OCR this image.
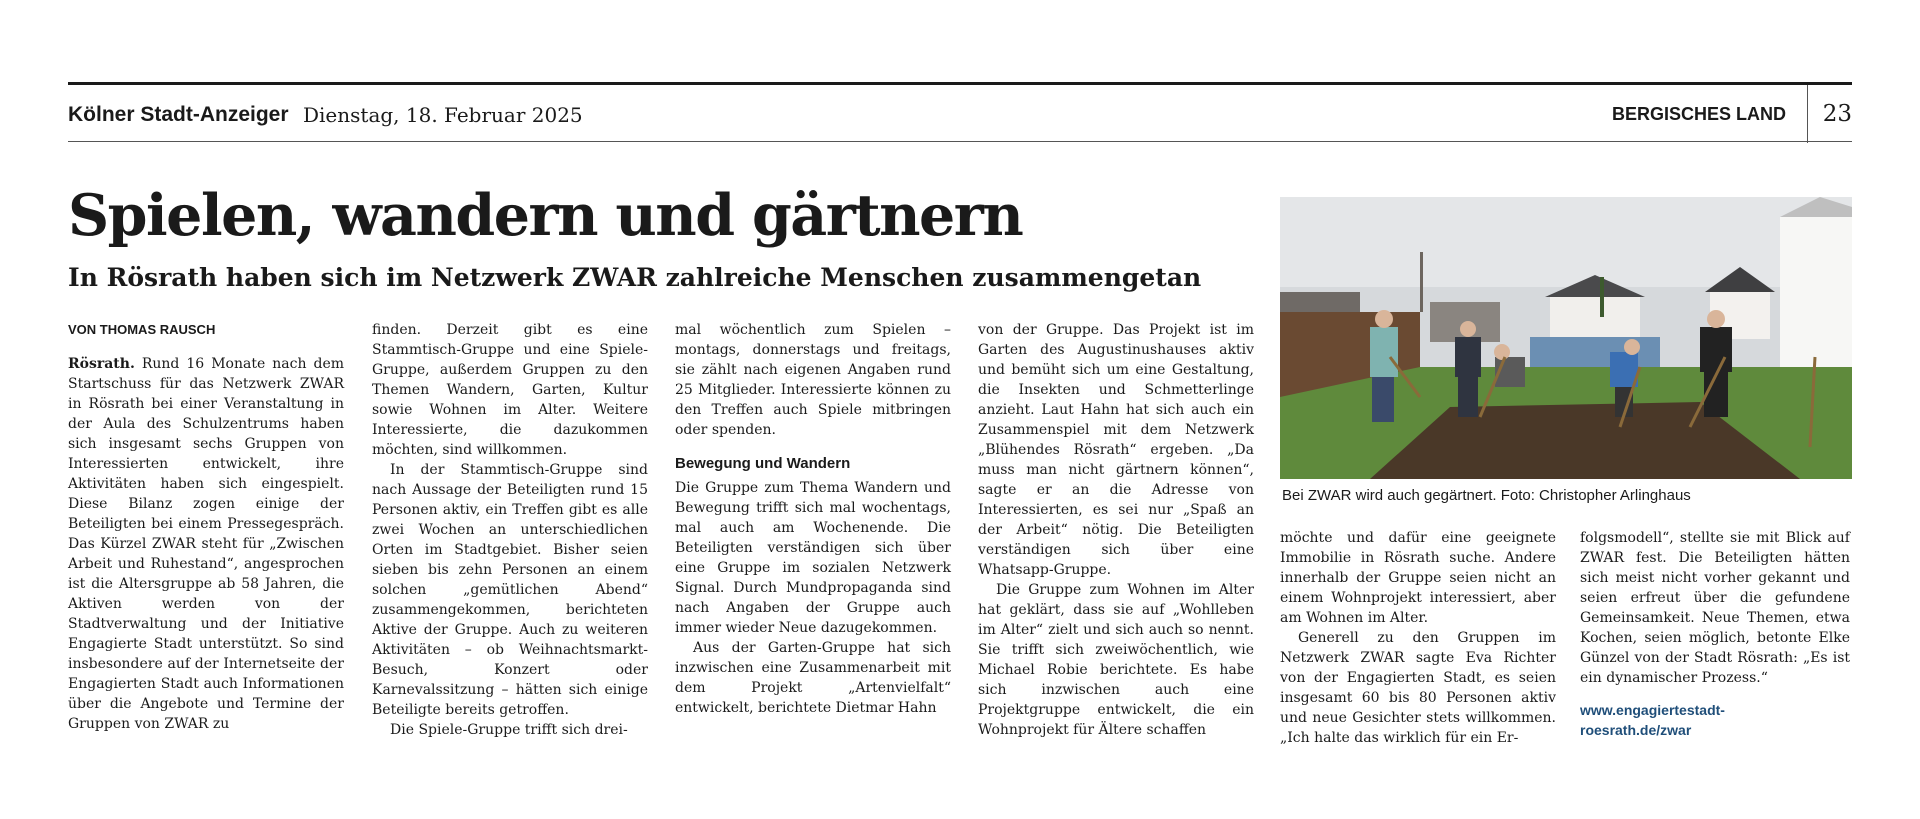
Kölner Stadt-Anzeiger Dienstag, 18. Februar 2025	BERGISCHES LAND 23
Spielen, wandern und gärtnern
In Rösrath haben sich im Netzwerk ZWAR zahlreiche Menschen zusammengetan
VON THOMAS RAUSCH

Rösrath. Rund 16 Monate nach dem Startschuss für das Netzwerk ZWAR in Rösrath bei einer Veranstaltung in der Aula des Schulzentrums haben sich insgesamt sechs Gruppen von Interessierten entwickelt, ihre Aktivitäten haben sich eingespielt. Diese Bilanz zogen einige der Beteiligten bei einem Pressegespräch. Das Kürzel ZWAR steht für „Zwischen Arbeit und Ruhestand“, angesprochen ist die Altersgruppe ab 58 Jahren, die Aktiven werden von der Stadtverwaltung und der Initiative Engagierte Stadt unterstützt. So sind insbesondere auf der Internetseite der Engagierten Stadt auch Informationen über die Angebote und Termine der Gruppen von ZWAR zu

finden. Derzeit gibt es eine Stammtisch-Gruppe und eine Spiele-Gruppe, außerdem Gruppen zu den Themen Wandern, Garten, Kultur sowie Wohnen im Alter. Weitere Interessierte, die dazukommen möchten, sind willkommen.

In der Stammtisch-Gruppe sind nach Aussage der Beteiligten rund 15 Personen aktiv, ein Treffen gibt es alle zwei Wochen an unterschiedlichen Orten im Stadtgebiet. Bisher seien sieben bis zehn Personen an einem solchen „gemütlichen Abend“ zusammengekommen, berichteten Aktive der Gruppe. Auch zu weiteren Aktivitäten – ob Weihnachtsmarkt-Besuch, Konzert oder Karnevalssitzung – hätten sich einige Beteiligte bereits getroffen.

Die Spiele-Gruppe trifft sich drei-

mal wöchentlich zum Spielen – montags, donnerstags und freitags, sie zählt nach eigenen Angaben rund 25 Mitglieder. Interessierte können zu den Treffen auch Spiele mitbringen oder spenden.

Bewegung und Wandern

Die Gruppe zum Thema Wandern und Bewegung trifft sich mal wochentags, mal auch am Wochenende. Die Beteiligten verständigen sich über eine Gruppe im sozialen Netzwerk Signal. Durch Mundpropaganda sind nach Angaben der Gruppe auch immer wieder Neue dazugekommen.

Aus der Garten-Gruppe hat sich inzwischen eine Zusammenarbeit mit dem Projekt „Artenvielfalt“ entwickelt, berichtete Dietmar Hahn

von der Gruppe. Das Projekt ist im Garten des Augustinushauses aktiv und bemüht sich um eine Gestaltung, die Insekten und Schmetterlinge anzieht. Laut Hahn hat sich auch ein Zusammenspiel mit dem Netzwerk „Blühendes Rösrath“ ergeben. „Da muss man nicht gärtnern können“, sagte er an die Adresse von Interessierten, es sei nur „Spaß an der Arbeit“ nötig. Die Beteiligten verständigen sich über eine Whatsapp-Gruppe.

Die Gruppe zum Wohnen im Alter hat geklärt, dass sie auf „Wohlleben im Alter“ zielt und sich auch so nennt. Sie trifft sich zweiwöchentlich, wie Michael Robie berichtete. Es habe sich inzwischen auch eine Projektgruppe entwickelt, die ein Wohnprojekt für Ältere schaffen

Bei ZWAR wird auch gegärtnert. Foto: Christopher Arlinghaus

möchte und dafür eine geeignete Immobilie in Rösrath suche. Andere innerhalb der Gruppe seien nicht an einem Wohnprojekt interessiert, aber am Wohnen im Alter.

Generell zu den Gruppen im Netzwerk ZWAR sagte Eva Richter von der Engagierten Stadt, es seien insgesamt 60 bis 80 Personen aktiv und neue Gesichter stets willkommen. „Ich halte das wirklich für ein Er-

folgsmodell“, stellte sie mit Blick auf ZWAR fest. Die Beteiligten hätten sich meist nicht vorher gekannt und seien erfreut über die gefundene Gemeinsamkeit. Neue Themen, etwa Kochen, seien möglich, betonte Elke Günzel von der Stadt Rösrath: „Es ist ein dynamischer Prozess.“

www.engagiertestadt-
roesrath.de/zwar
